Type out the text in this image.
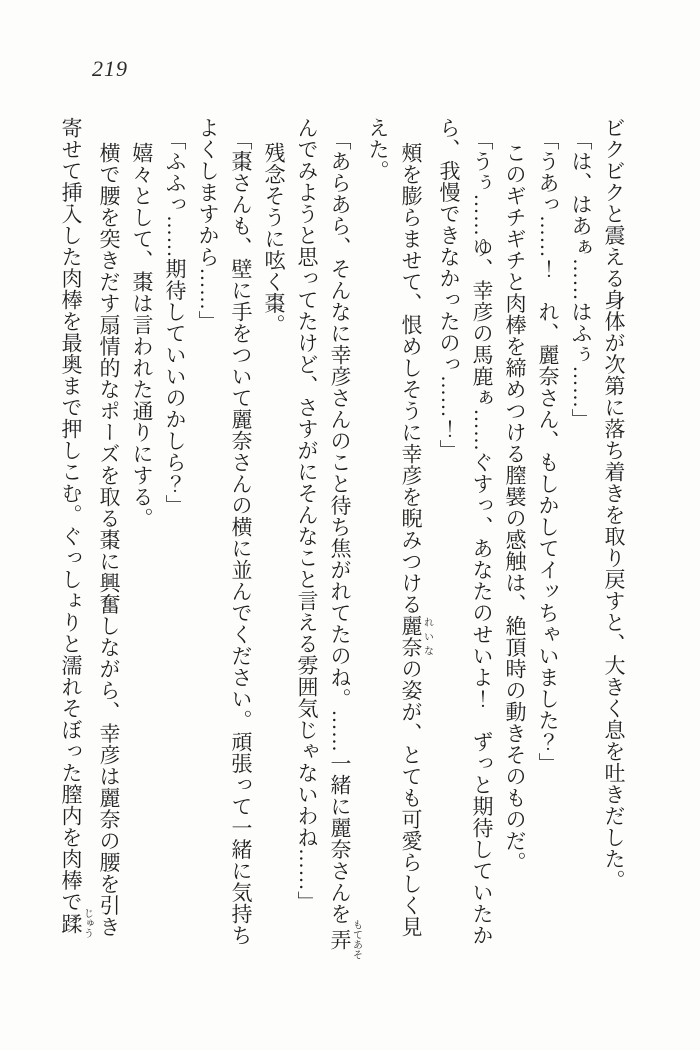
219
ビクビクと震える身体が次第に落ち着きを取り戻すと、大きく息を吐きだした。
「は、はあぁ……はふぅ……」
「うあっ……！　れ、麗奈さん、もしかしてイッちゃいました？」
このギチギチと肉棒を締めつける膣襞の感触は、絶頂時の動きそのものだ。
「うぅ……ゆ、幸彦の馬鹿ぁ……ぐすっ、あなたのせいよ！　ずっと期待していたか
ら、我慢できなかったのっ……！」
頰を膨らませて、恨めしそうに幸彦を睨みつける麗奈れいなの姿が、とても可愛らしく見
えた。
「あらあら、そんなに幸彦さんのこと待ち焦がれてたのね。……一緒に麗奈さんを弄もてあそ
んでみようと思ってたけど、さすがにそんなこと言える雰囲気じゃないわね……」
残念そうに呟く棗。
「棗さんも、壁に手をついて麗奈さんの横に並んでください。頑張って一緒に気持ち
よくしますから……」
「ふふっ……期待していいのかしら？」
嬉々として、棗は言われた通りにする。
横で腰を突きだす扇情的なポーズを取る棗に興奮しながら、幸彦は麗奈の腰を引き
寄せて挿入した肉棒を最奥まで押しこむ。ぐっしょりと濡れそぼった膣内を肉棒で蹂じゅう
